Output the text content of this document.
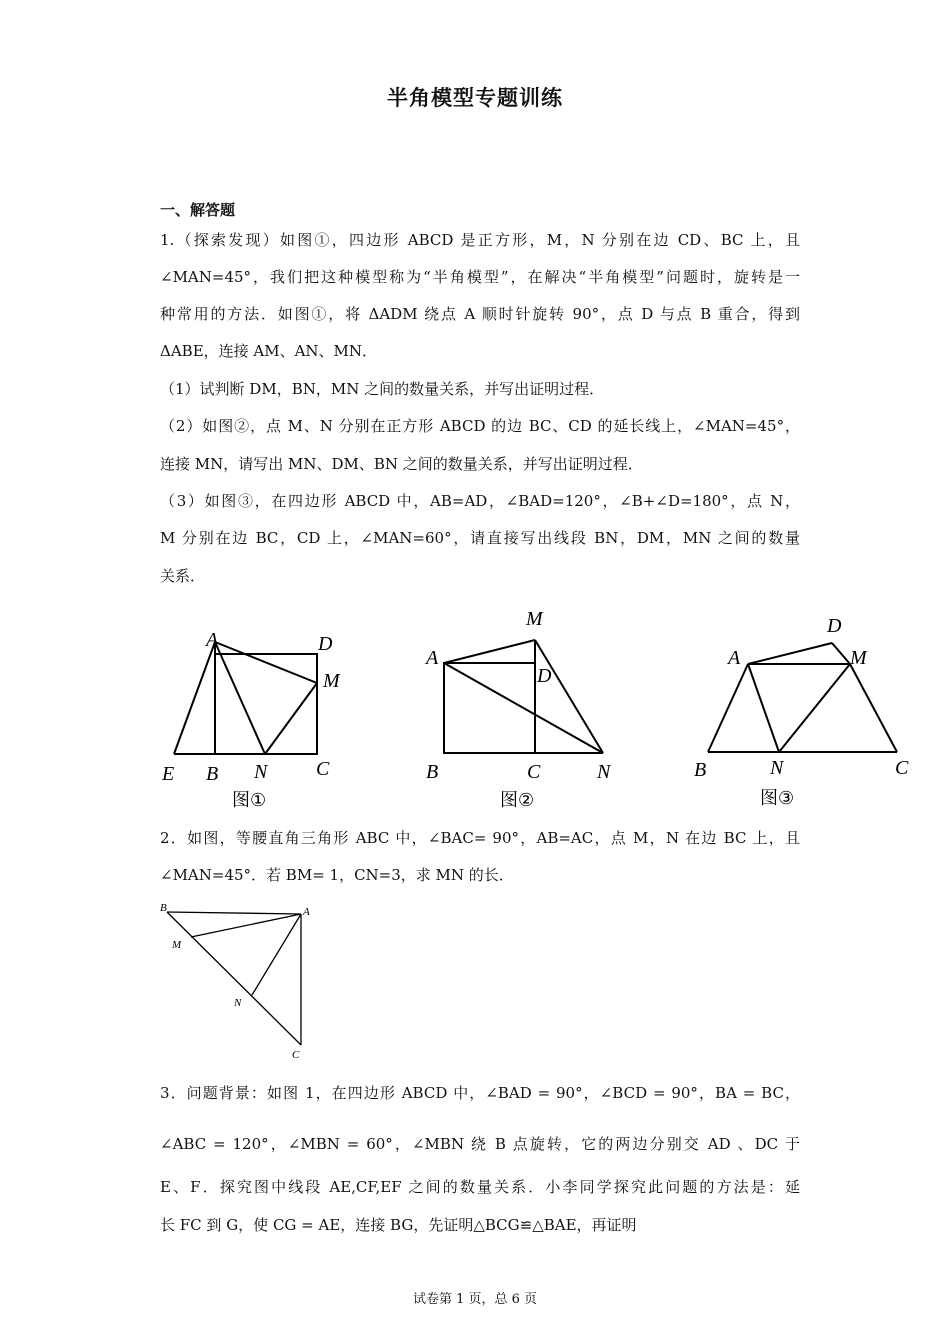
半角模型专题训练
一、解答题
1.（探索发现）如图①，四边形 ABCD 是正方形，M，N 分别在边 CD、BC 上，且
∠MAN=45°，我们把这种模型称为“半角模型”，在解决“半角模型”问题时，旋转是一
种常用的方法．如图①，将 ΔADM 绕点 A 顺时针旋转 90°，点 D 与点 B 重合，得到
ΔABE，连接 AM、AN、MN．
（1）试判断 DM，BN，MN 之间的数量关系，并写出证明过程．
（2）如图②，点 M、N 分别在正方形 ABCD 的边 BC、CD 的延长线上，∠MAN=45°，
连接 MN，请写出 MN、DM、BN 之间的数量关系，并写出证明过程．
（3）如图③，在四边形 ABCD 中，AB=AD，∠BAD=120°，∠B+∠D=180°，点 N，
M 分别在边 BC，CD 上，∠MAN=60°，请直接写出线段 BN，DM，MN 之间的数量
关系．
A	D
M
E B N C
图①
M
A
D
B	C	N
图②
D
A	M
B	N	C
图③
2．如图，等腰直角三角形 ABC 中，∠BAC= 90°，AB=AC，点 M，N 在边 BC 上，且
∠MAN=45°．若 BM= 1，CN=3，求 MN 的长．
B	A
M
N
C
3．问题背景：如图 1，在四边形 ABCD 中，∠BAD = 90°，∠BCD = 90°，BA = BC，
∠ABC = 120°，∠MBN = 60°，∠MBN 绕 B 点旋转，它的两边分别交 AD 、DC 于
E、F．探究图中线段 AE,CF,EF 之间的数量关系．小李同学探究此问题的方法是：延
长 FC 到 G，使 CG = AE，连接 BG，先证明△BCG≌△BAE，再证明
试卷第 1 页，总 6 页
